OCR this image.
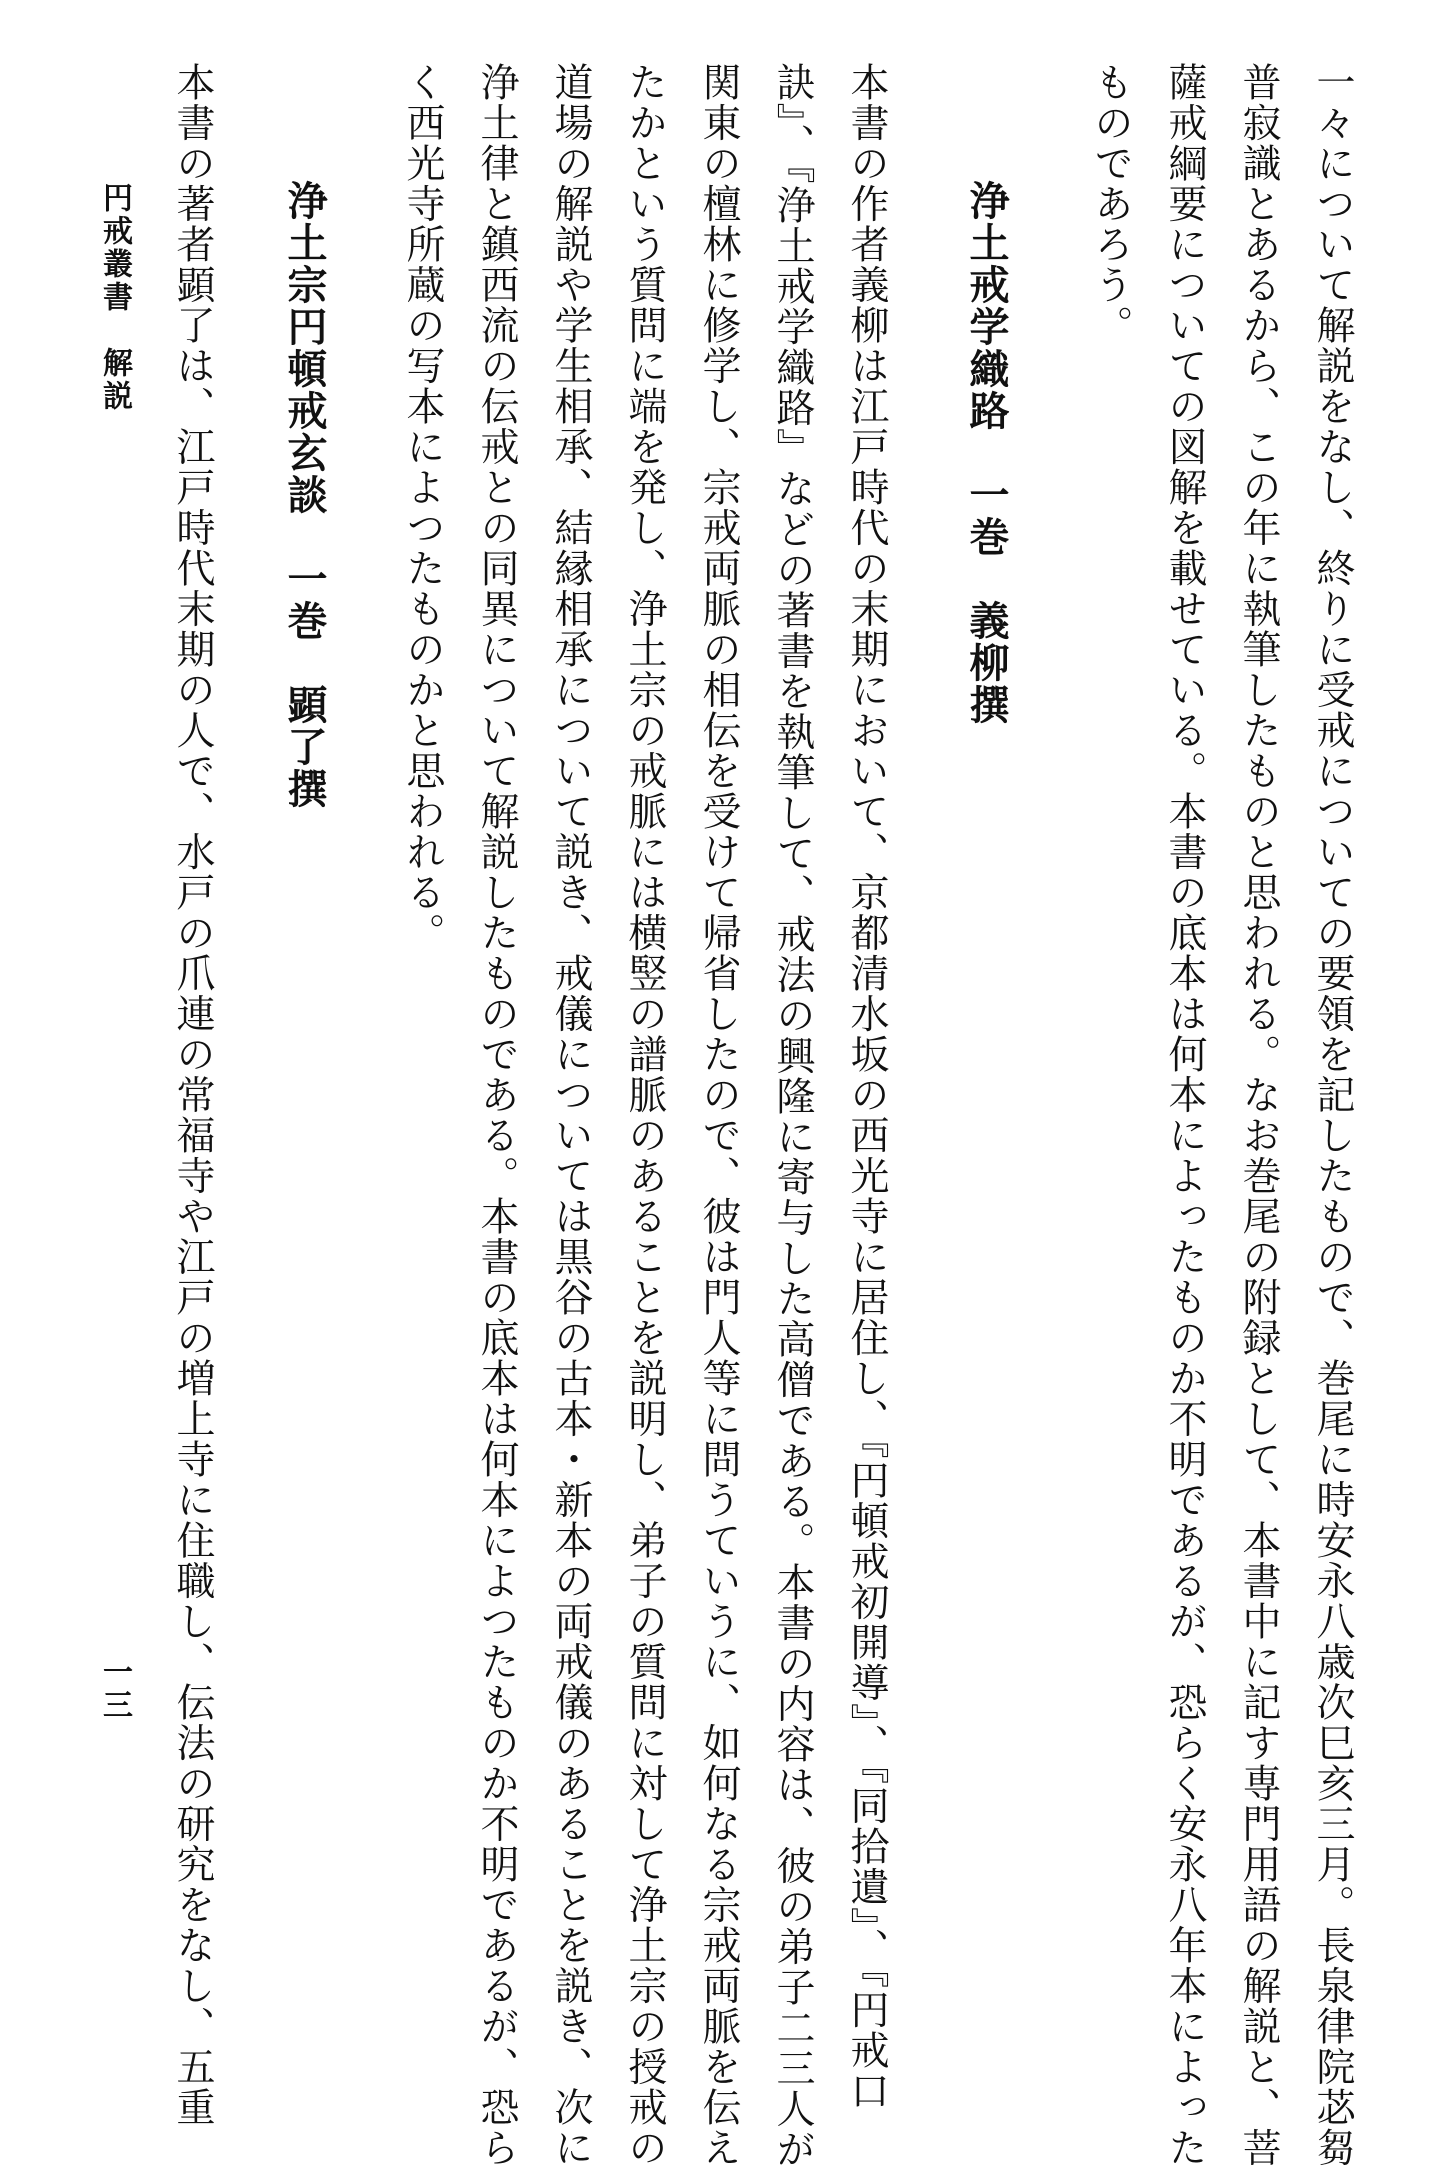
一々について解説をなし、終りに受戒についての要領を記したもので、巻尾に時安永八歳次巳亥三月。長泉律院苾芻
普寂識とあるから、この年に執筆したものと思われる。なお巻尾の附録として、本書中に記す専門用語の解説と、菩
薩戒綱要についての図解を載せている。本書の底本は何本によったものか不明であるが、恐らく安永八年本によった
ものであろう。
浄土戒学織路　一巻　義柳撰
本書の作者義柳は江戸時代の末期において、京都清水坂の西光寺に居住し、『円頓戒初開導』、『同拾遺』、『円戒口
訣』、『浄土戒学織路』などの著書を執筆して、戒法の興隆に寄与した高僧である。本書の内容は、彼の弟子二三人が
関東の檀林に修学し、宗戒両脈の相伝を受けて帰省したので、彼は門人等に問うていうに、如何なる宗戒両脈を伝え
たかという質問に端を発し、浄土宗の戒脈には横竪の譜脈のあることを説明し、弟子の質問に対して浄土宗の授戒の
道場の解説や学生相承、結縁相承について説き、戒儀については黒谷の古本・新本の両戒儀のあることを説き、次に
浄土律と鎮西流の伝戒との同異について解説したものである。本書の底本は何本によつたものか不明であるが、恐ら
く西光寺所蔵の写本によつたものかと思われる。
浄土宗円頓戒玄談　一巻　顕了撰
本書の著者顕了は、江戸時代末期の人で、水戸の爪連の常福寺や江戸の増上寺に住職し、伝法の研究をなし、五重
円戒叢書　解説
一三
